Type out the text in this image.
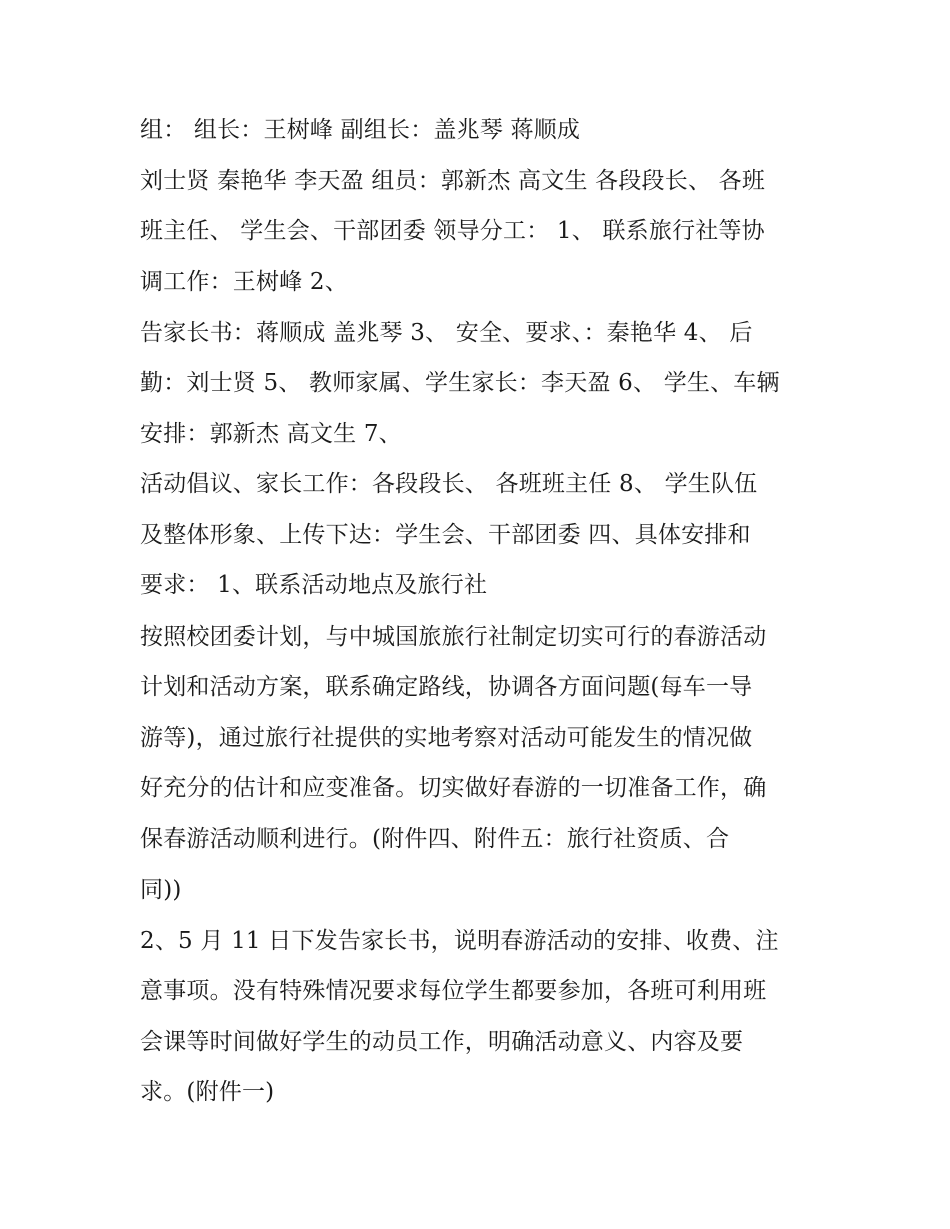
组： 组长：王树峰 副组长：盖兆琴 蒋顺成
刘士贤 秦艳华 李天盈 组员：郭新杰 高文生 各段段长、 各班
班主任、 学生会、干部团委 领导分工： 1、 联系旅行社等协
调工作：王树峰 2、
告家长书：蒋顺成 盖兆琴 3、 安全、要求、：秦艳华 4、 后
勤：刘士贤 5、 教师家属、学生家长：李天盈 6、 学生、车辆
安排：郭新杰 高文生 7、
活动倡议、家长工作：各段段长、 各班班主任 8、 学生队伍
及整体形象、上传下达：学生会、干部团委 四、具体安排和
要求： 1、联系活动地点及旅行社
按照校团委计划，与中城国旅旅行社制定切实可行的春游活动
计划和活动方案，联系确定路线，协调各方面问题(每车一导
游等)，通过旅行社提供的实地考察对活动可能发生的情况做
好充分的估计和应变准备。切实做好春游的一切准备工作，确
保春游活动顺利进行。(附件四、附件五：旅行社资质、合
同))
2、5 月 11 日下发告家长书，说明春游活动的安排、收费、注
意事项。没有特殊情况要求每位学生都要参加，各班可利用班
会课等时间做好学生的动员工作，明确活动意义、内容及要
求。(附件一)
